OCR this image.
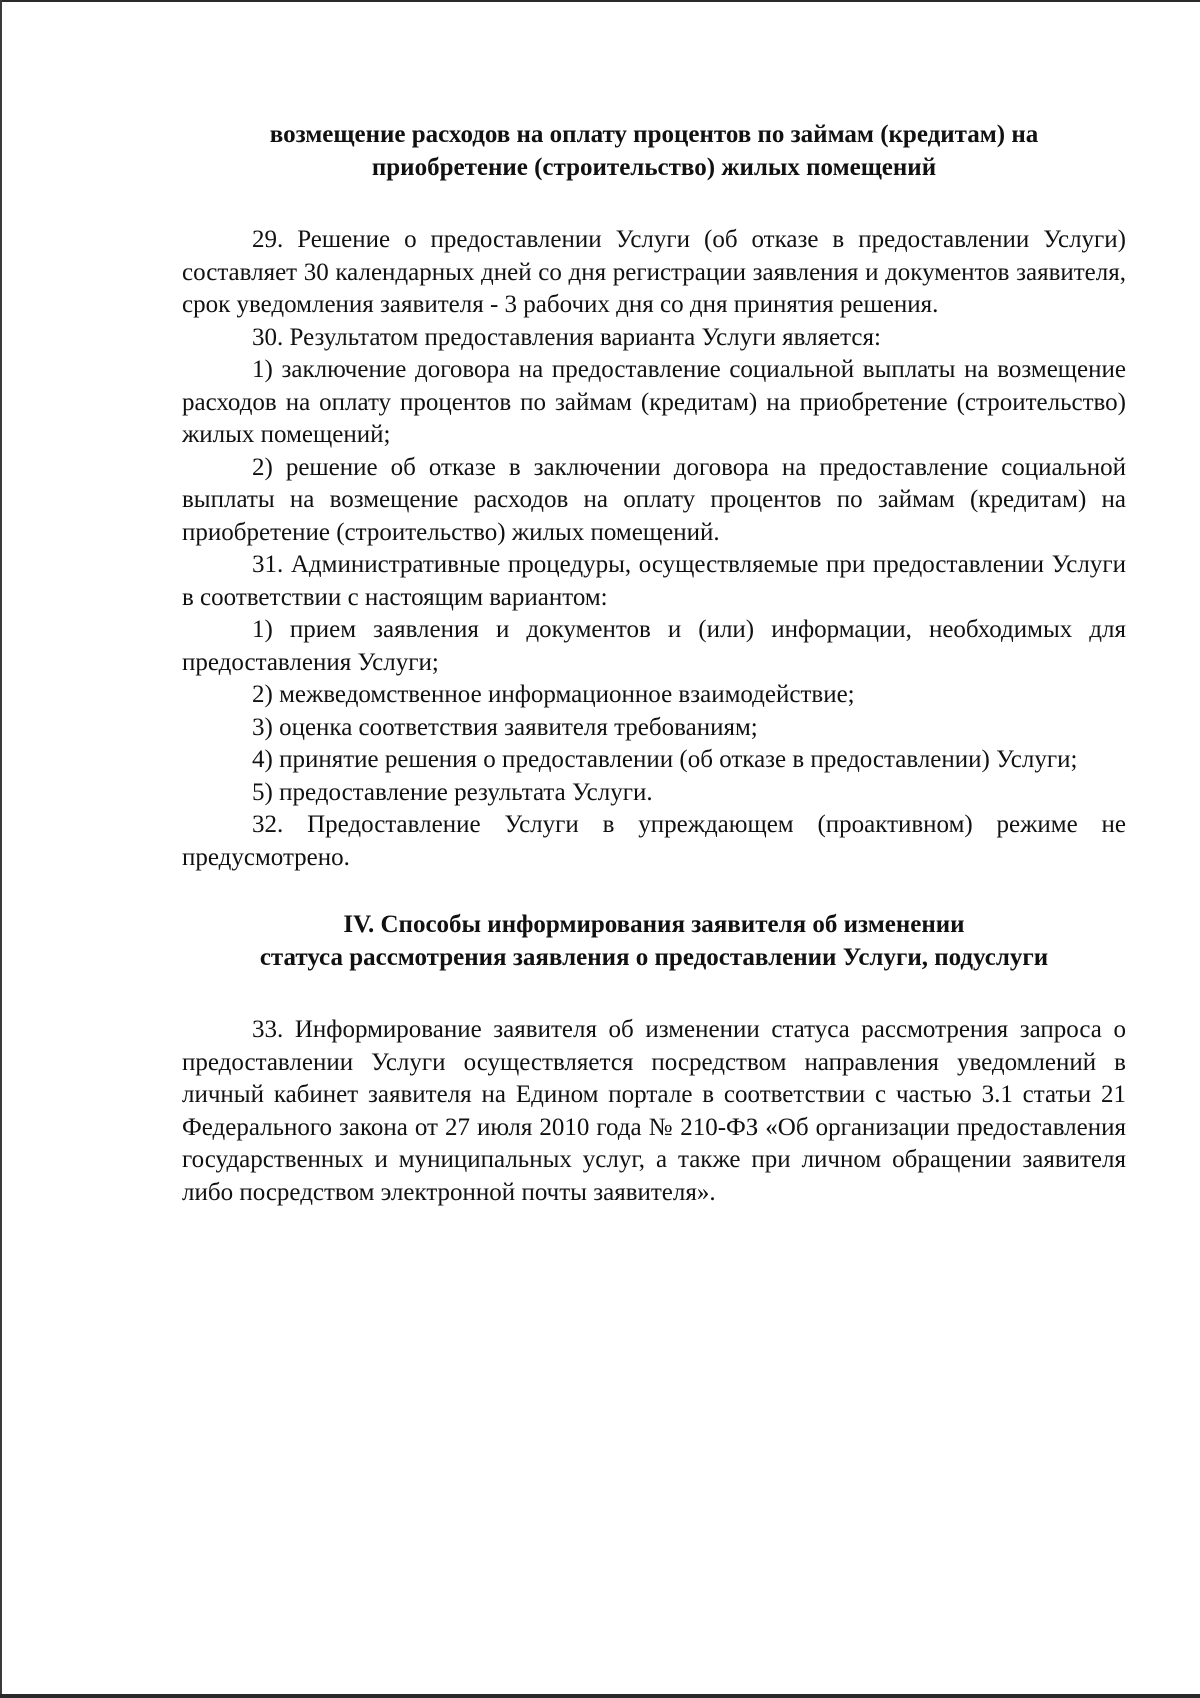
возмещение расходов на оплату процентов по займам (кредитам) на
приобретение (строительство) жилых помещений

29. Решение о предоставлении Услуги (об отказе в предоставлении Услуги) составляет 30 календарных дней со дня регистрации заявления и документов заявителя, срок уведомления заявителя - 3 рабочих дня со дня принятия решения.

30. Результатом предоставления варианта Услуги является:

1) заключение договора на предоставление социальной выплаты на возмещение расходов на оплату процентов по займам (кредитам) на приобретение (строительство) жилых помещений;

2) решение об отказе в заключении договора на предоставление социальной выплаты на возмещение расходов на оплату процентов по займам (кредитам) на приобретение (строительство) жилых помещений.

31. Административные процедуры, осуществляемые при предоставлении Услуги в соответствии с настоящим вариантом:

1) прием заявления и документов и (или) информации, необходимых для предоставления Услуги;

2) межведомственное информационное взаимодействие;

3) оценка соответствия заявителя требованиям;

4) принятие решения о предоставлении (об отказе в предоставлении) Услуги;

5) предоставление результата Услуги.

32. Предоставление Услуги в упреждающем (проактивном) режиме не предусмотрено.

IV. Способы информирования заявителя об изменении
статуса рассмотрения заявления о предоставлении Услуги, подуслуги

33. Информирование заявителя об изменении статуса рассмотрения запроса о предоставлении Услуги осуществляется посредством направления уведомлений в личный кабинет заявителя на Едином портале в соответствии с частью 3.1 статьи 21 Федерального закона от 27 июля 2010 года № 210-ФЗ «Об организации предоставления государственных и муниципальных услуг, а также при личном обращении заявителя либо посредством электронной почты заявителя».
